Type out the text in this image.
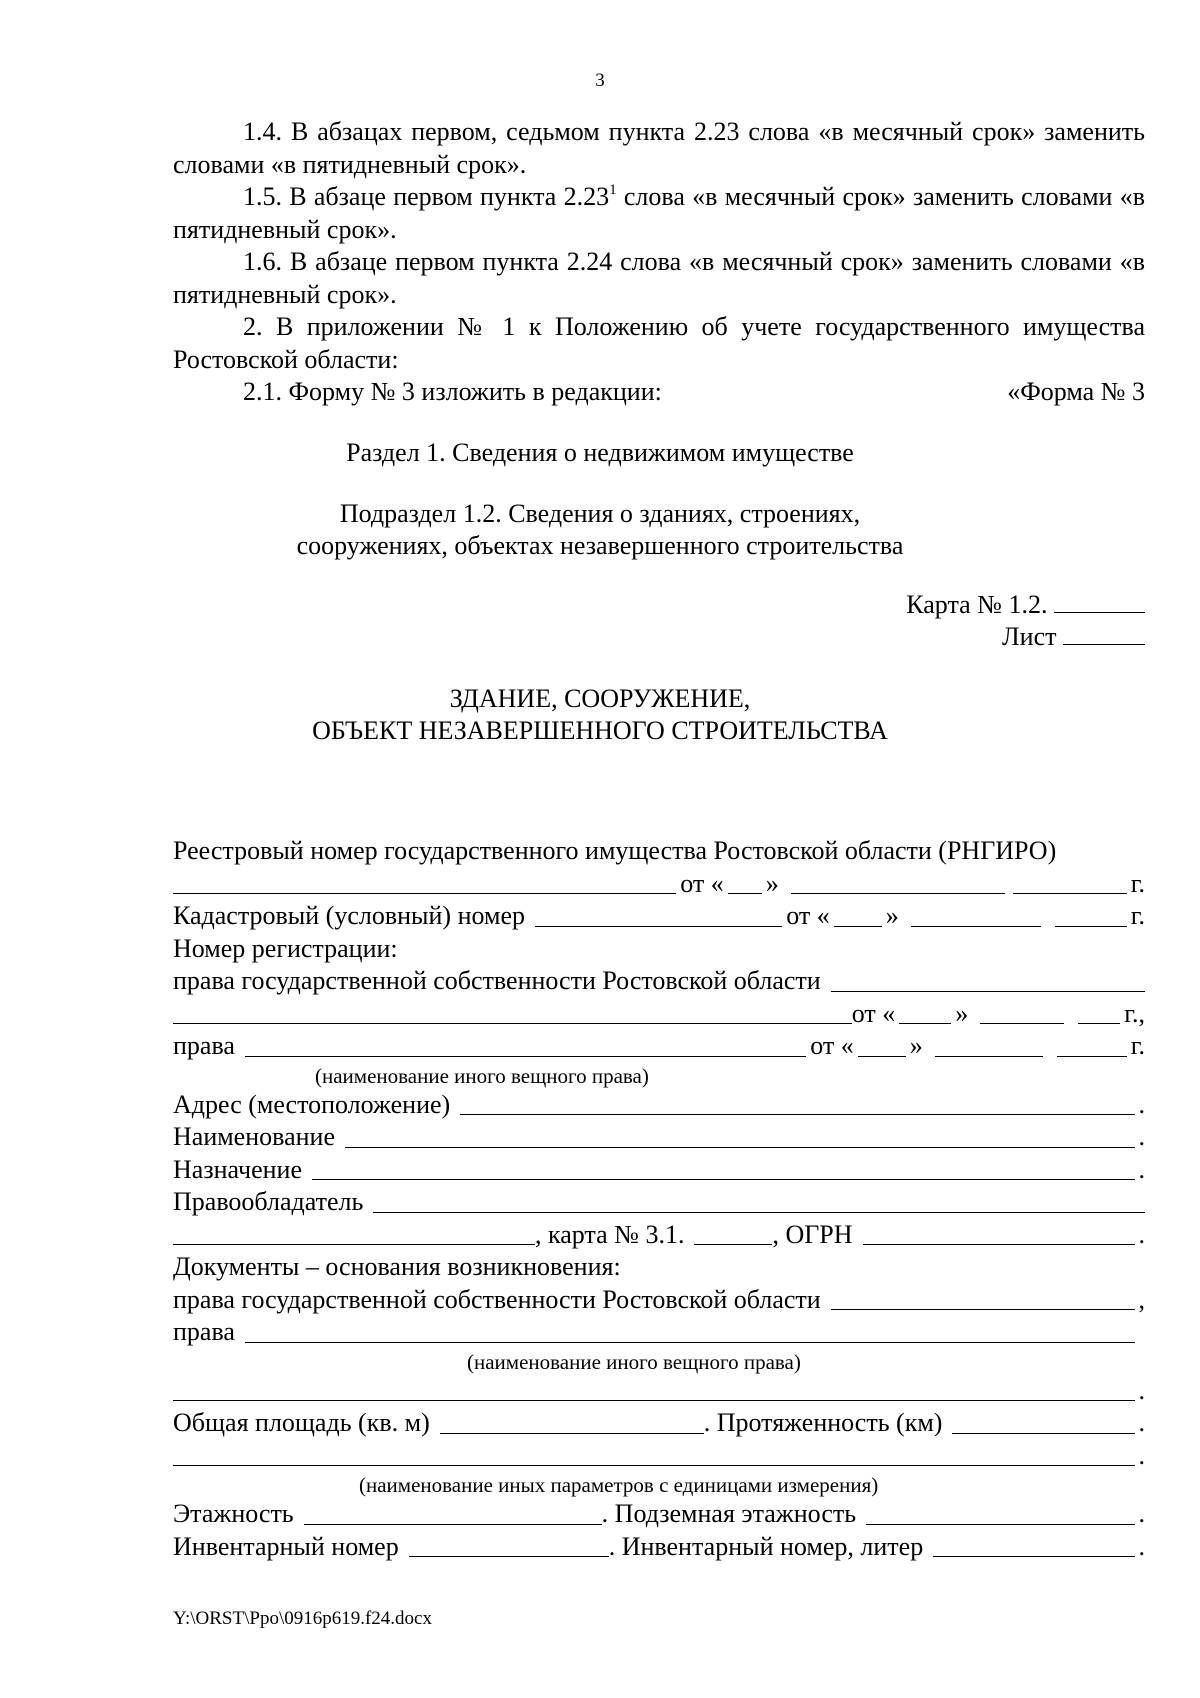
3

1.4. В абзацах первом, седьмом пункта 2.23 слова «в месячный срок» заменить словами «в пятидневный срок».

1.5. В абзаце первом пункта 2.23$^1$ слова «в месячный срок» заменить словами «в пятидневный срок».

1.6. В абзаце первом пункта 2.24 слова «в месячный срок» заменить словами «в пятидневный срок».

2. В приложении № 1 к Положению об учете государственного имущества Ростовской области:

2.1. Форму № 3 изложить в редакции:	«Форма № 3
Раздел 1. Сведения о недвижимом имуществе
Подраздел 1.2. Сведения о зданиях, строениях,
сооружениях, объектах незавершенного строительства
Карта № 1.2.
Лист
ЗДАНИЕ, СООРУЖЕНИЕ,
ОБЪЕКТ НЕЗАВЕРШЕННОГО СТРОИТЕЛЬСТВА
Реестровый номер государственного имущества Ростовской области (РНГИРО)
от « »	г.
Кадастровый (условный) номер	от « »	г.
Номер регистрации:
права государственной собственности Ростовской области
от « »	г.,
права	от « »	г.
(наименование иного вещного права)
Адрес (местоположение)	.
Наименование	.
Назначение	.
Правообладатель
, карта № 3.1.	, ОГРН	.
Документы – основания возникновения:
права государственной собственности Ростовской области	,
права
(наименование иного вещного права)
.
Общая площадь (кв. м)	. Протяженность (км)	.
.
(наименование иных параметров с единицами измерения)
Этажность	. Подземная этажность	.
Инвентарный номер	. Инвентарный номер, литер	.
Y:\ORST\Ppo\0916p619.f24.docx
